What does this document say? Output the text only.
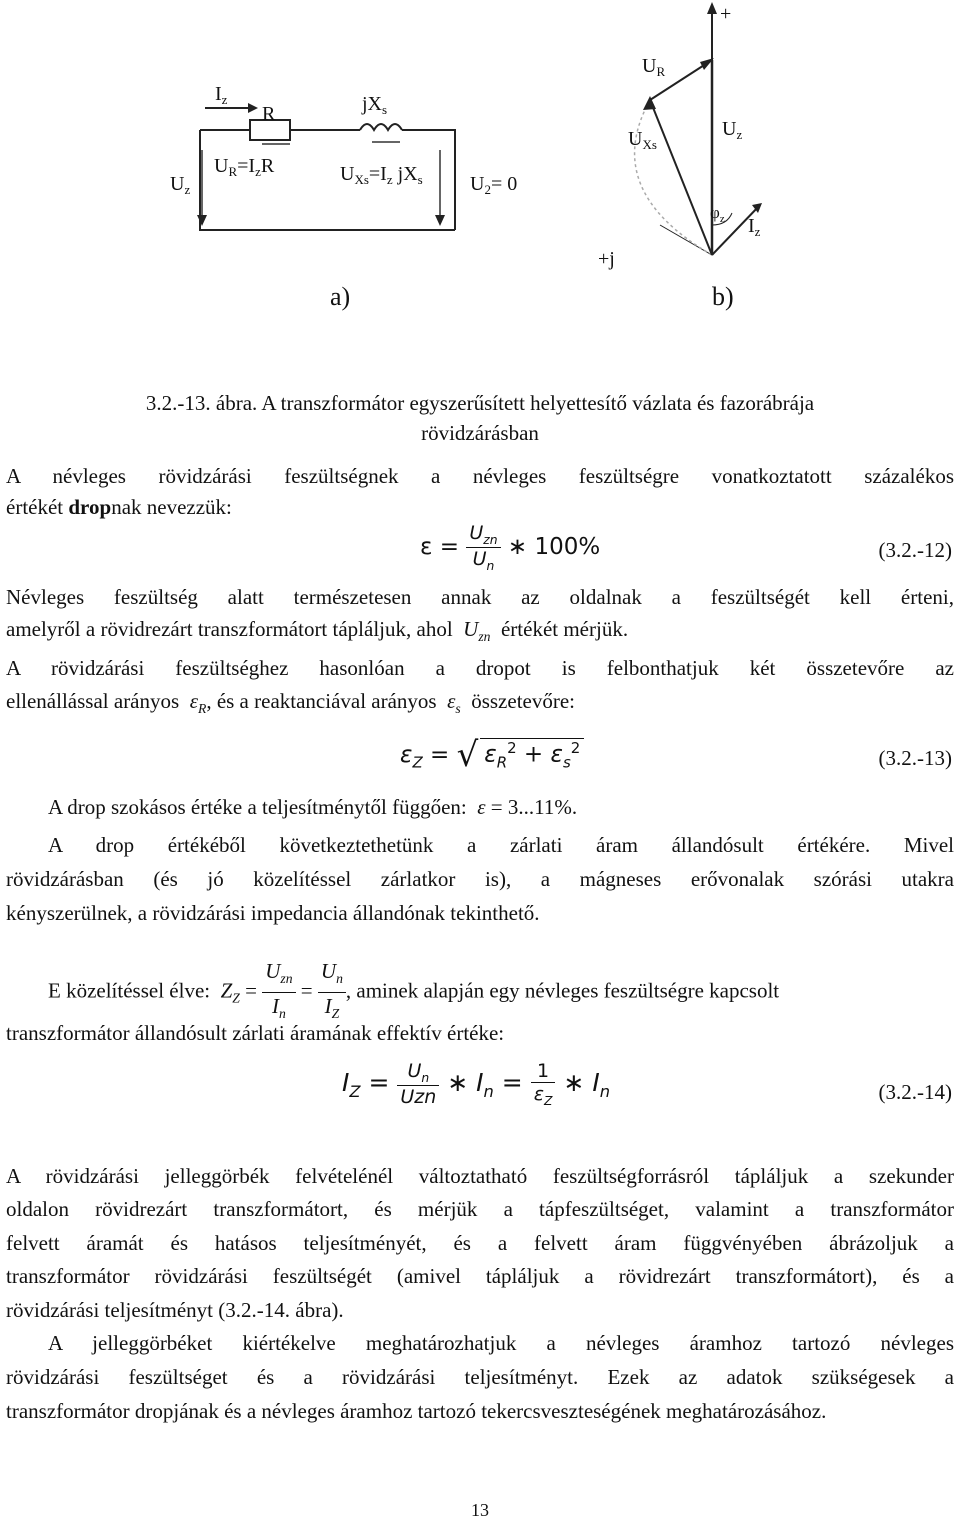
$I_z$
R	$jX_s$
$U_z$
$U_R=I_zR$	$U_{Xs}=I_z$ $jX_s$ $U_2= 0$
a)	b)
+
+j
$U_R$
$U_{Xs}$
$U_z$
$\varphi_z$ $I_z$
3.2.-13. ábra. A transzformátor egyszerűsített helyettesítő vázlata és fazorábrája
rövidzárásban
A névleges rövidzárási feszültségnek a névleges feszültségre vonatkoztatott százalékos
értékét dropnak nevezzük:
$\varepsilon = \frac{U_{zn}}{U_n}$ ∗ 100%	(3.2.-12)
Névleges feszültség alatt természetesen annak az oldalnak a feszültségét kell érteni,
amelyről a rövidrezárt transzformátort tápláljuk, ahol $U_{zn}$ értékét mérjük.
A rövidzárási feszültséghez hasonlóan a dropot is felbonthatjuk két összetevőre az
ellenállással arányos $\varepsilon_R$, és a reaktanciával arányos $\varepsilon_s$ összetevőre:
$\varepsilon_Z$ = √ $\varepsilon_R^2 + \varepsilon_s^2$	(3.2.-13)
A drop szokásos értéke a teljesítménytől függően: ε = 3...11%.
A drop értékéből következtethetünk a zárlati áram állandósult értékére. Mivel
rövidzárásban (és jó közelítéssel zárlatkor is), a mágneses erővonalak szórási utakra
kényszerülnek, a rövidzárási impedancia állandónak tekinthető.
E közelítéssel élve: $Z_Z = \frac{U_{zn}}{I_n} = \frac{U_n}{I_Z}$ , aminek alapján egy névleges feszültségre kapcsolt
transzformátor állandósult zárlati áramának effektív értéke:
$I_Z = \frac{U_n}{\text{Uzn}}$ ∗ $I_n = \frac{1}{\varepsilon_Z}$ ∗ $I_n$	(3.2.-14)
A rövidzárási jelleggörbék felvételénél változtatható feszültségforrásról tápláljuk a szekunder
oldalon rövidrezárt transzformátort, és mérjük a tápfeszültséget, valamint a transzformátor
felvett áramát és hatásos teljesítményét, és a felvett áram függvényében ábrázoljuk a
transzformátor rövidzárási feszültségét (amivel tápláljuk a rövidrezárt transzformátort), és a
rövidzárási teljesítményt (3.2.-14. ábra).
A jelleggörbéket kiértékelve meghatározhatjuk a névleges áramhoz tartozó névleges
rövidzárási feszültséget és a rövidzárási teljesítményt. Ezek az adatok szükségesek a
transzformátor dropjának és a névleges áramhoz tartozó tekercsveszteségének meghatározásához.
13
